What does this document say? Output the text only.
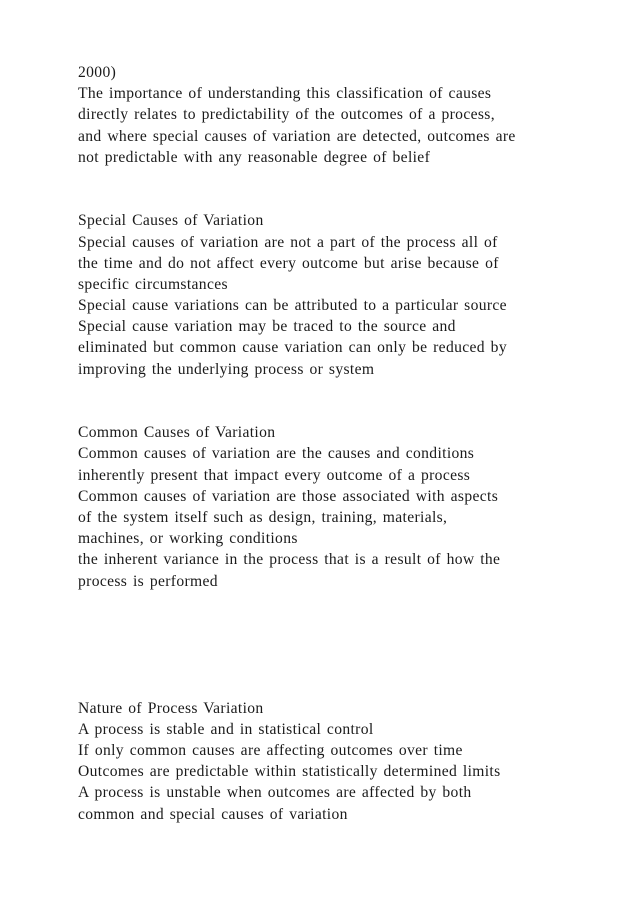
2000)
The importance of understanding this classification of causes
directly relates to predictability of the outcomes of a process,
and where special causes of variation are detected, outcomes are
not predictable with any reasonable degree of belief
Special Causes of Variation
Special causes of variation are not a part of the process all of
the time and do not affect every outcome but arise because of
specific circumstances
Special cause variations can be attributed to a particular source
Special cause variation may be traced to the source and
eliminated but common cause variation can only be reduced by
improving the underlying process or system
Common Causes of Variation
Common causes of variation are the causes and conditions
inherently present that impact every outcome of a process
Common causes of variation are those associated with aspects
of the system itself such as design, training, materials,
machines, or working conditions
the inherent variance in the process that is a result of how the
process is performed
Nature of Process Variation
A process is stable and in statistical control
If only common causes are affecting outcomes over time
Outcomes are predictable within statistically determined limits
A process is unstable when outcomes are affected by both
common and special causes of variation
